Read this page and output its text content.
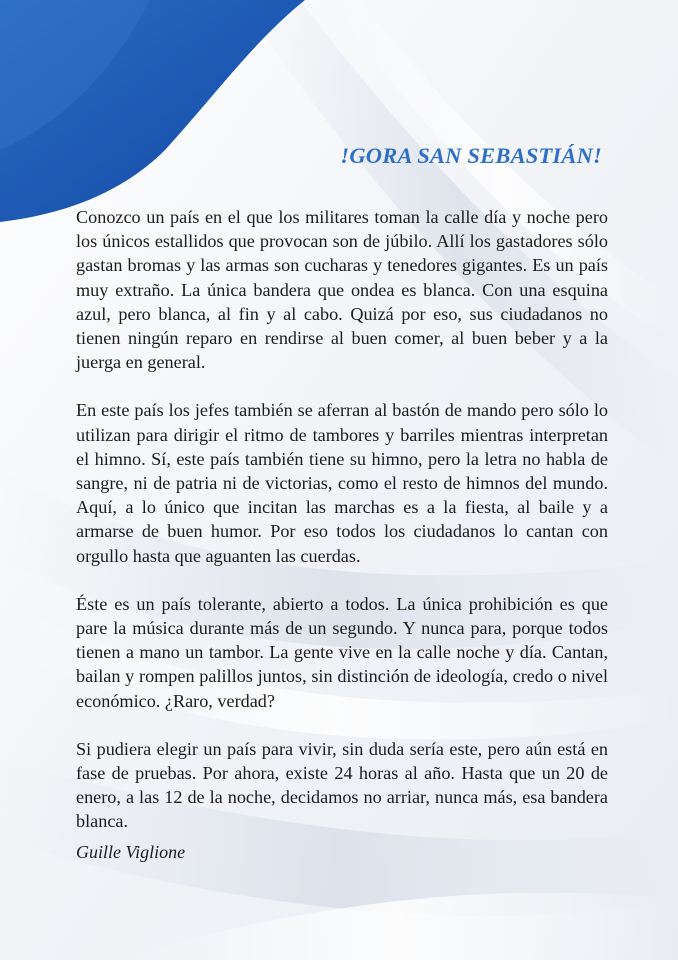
!GORA SAN SEBASTIÁN!

Conozco un país en el que los militares toman la calle día y noche pero los únicos estallidos que provocan son de júbilo. Allí los gastadores sólo gastan bromas y las armas son cucharas y tenedores gigantes. Es un país muy extraño. La única bandera que ondea es blanca. Con una esquina azul, pero blanca, al fin y al cabo. Quizá por eso, sus ciudadanos no tienen ningún reparo en rendirse al buen comer, al buen beber y a la juerga en general.

En este país los jefes también se aferran al bastón de mando pero sólo lo utilizan para dirigir el ritmo de tambores y barriles mientras interpretan el himno. Sí, este país también tiene su himno, pero la letra no habla de sangre, ni de patria ni de victorias, como el resto de himnos del mundo. Aquí, a lo único que incitan las marchas es a la fiesta, al baile y a armarse de buen humor. Por eso todos los ciudadanos lo cantan con orgullo hasta que aguanten las cuerdas.

Éste es un país tolerante, abierto a todos. La única prohibición es que pare la música durante más de un segundo. Y nunca para, porque todos tienen a mano un tambor. La gente vive en la calle noche y día. Cantan, bailan y rompen palillos juntos, sin distinción de ideología, credo o nivel económico. ¿Raro, verdad?

Si pudiera elegir un país para vivir, sin duda sería este, pero aún está en fase de pruebas. Por ahora, existe 24 horas al año. Hasta que un 20 de enero, a las 12 de la noche, decidamos no arriar, nunca más, esa bandera blanca.

Guille Viglione
